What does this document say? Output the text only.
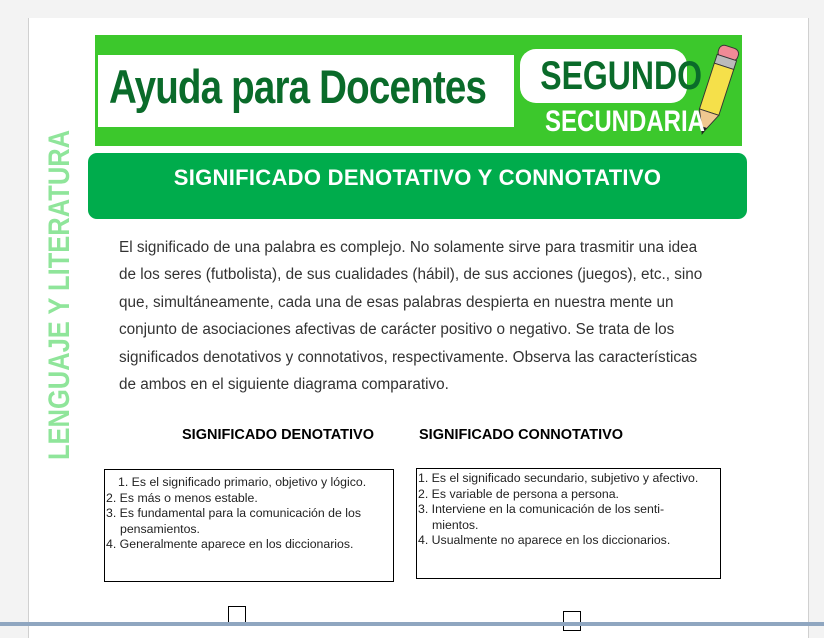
Ayuda para Docentes	SEGUNDO
SECUNDARIA
SIGNIFICADO DENOTATIVO Y CONNOTATIVO
LENGUAJE Y LITERATURA	El significado de una palabra es complejo. No solamente sirve para trasmitir una idea de los seres (futbolista), de sus cualidades (hábil), de sus acciones (juegos), etc., sino que, simultáneamente, cada una de esas palabras despierta en nuestra mente un conjunto de asociaciones afectivas de carácter positivo o negativo. Se trata de los significados denotativos y connotativos, respectivamente. Observa las características de ambos en el siguiente diagrama comparativo.
SIGNIFICADO DENOTATIVO	SIGNIFICADO CONNOTATIVO
1. Es el significado primario, objetivo y lógico.
2. Es más o menos estable.
3. Es fundamental para la comunicación de los pensamientos.
4. Generalmente aparece en los diccionarios.
1. Es el significado secundario, subjetivo y afectivo.
2. Es variable de persona a persona.
3. Interviene en la comunicación de los senti-mientos.
4. Usualmente no aparece en los diccionarios.
